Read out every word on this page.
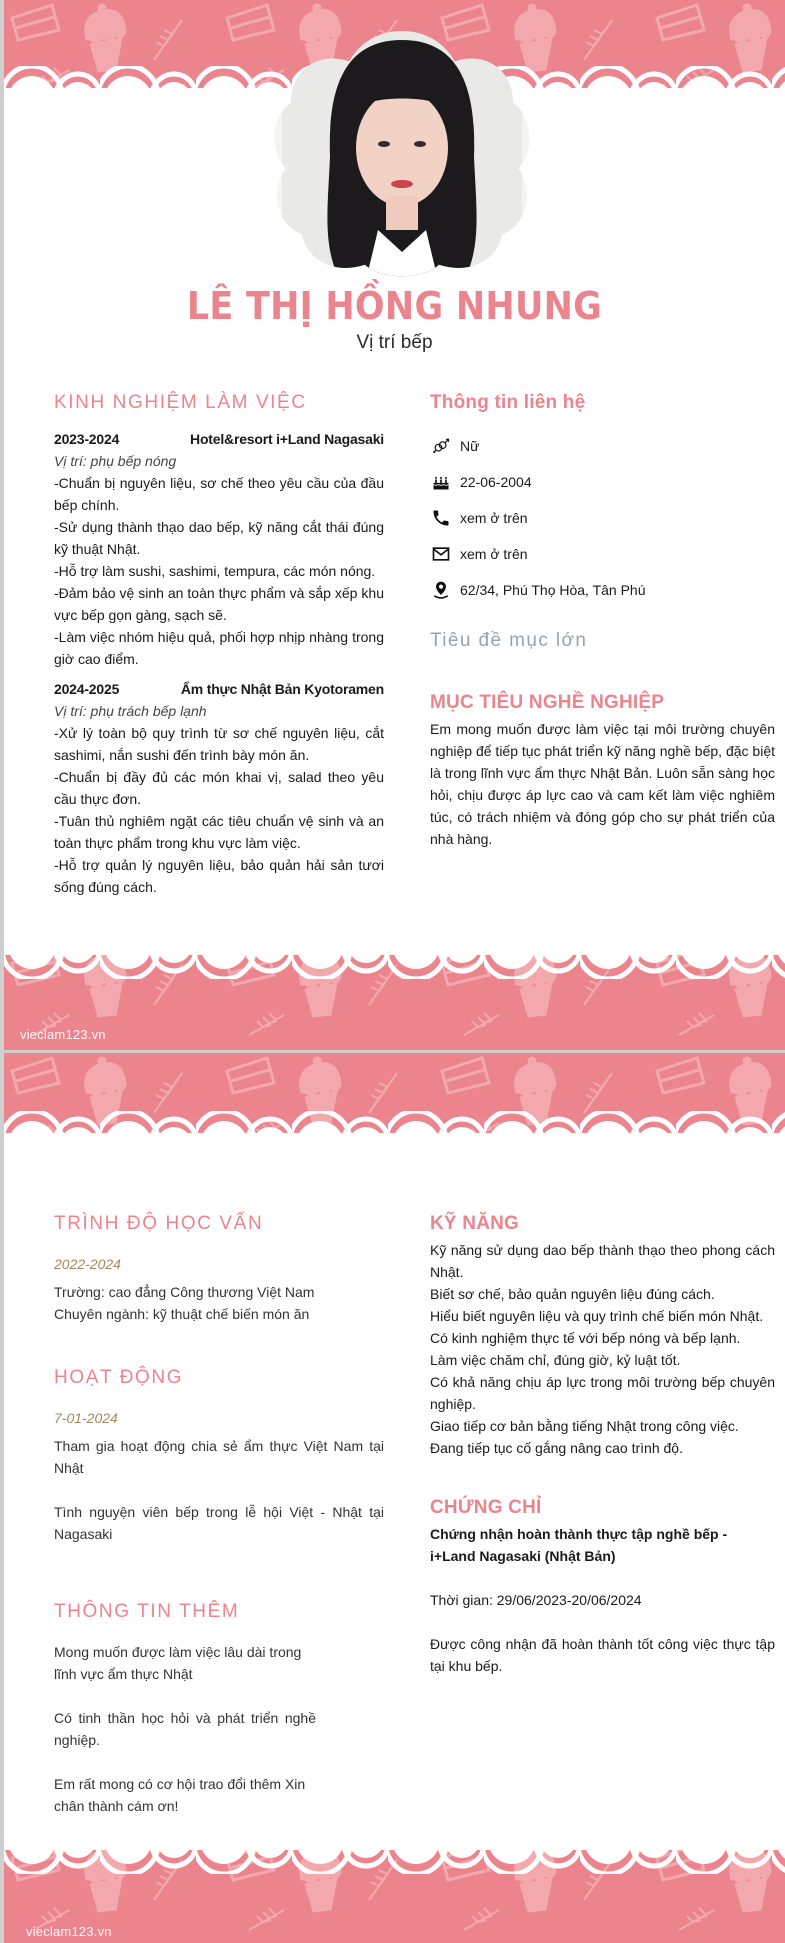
LÊ THỊ HỒNG NHUNG
Vị trí bếp
KINH NGHIỆM LÀM VIỆC
2023-2024	Hotel&resort i+Land Nagasaki
Vị trí: phụ bếp nóng
-Chuẩn bị nguyên liệu, sơ chế theo yêu cầu của đầu bếp chính.
-Sử dụng thành thạo dao bếp, kỹ năng cắt thái đúng kỹ thuật Nhật.
-Hỗ trợ làm sushi, sashimi, tempura, các món nóng.
-Đảm bảo vệ sinh an toàn thực phẩm và sắp xếp khu vực bếp gọn gàng, sạch sẽ.
-Làm việc nhóm hiệu quả, phối hợp nhịp nhàng trong giờ cao điểm.
2024-2025	Ẩm thực Nhật Bản Kyotoramen
Vị trí: phụ trách bếp lạnh
-Xử lý toàn bộ quy trình từ sơ chế nguyên liệu, cắt sashimi, nắn sushi đến trình bày món ăn.
-Chuẩn bị đầy đủ các món khai vị, salad theo yêu cầu thực đơn.
-Tuân thủ nghiêm ngặt các tiêu chuẩn vệ sinh và an toàn thực phẩm trong khu vực làm việc.
-Hỗ trợ quản lý nguyên liệu, bảo quản hải sản tươi sống đúng cách.
Thông tin liên hệ
Nữ
22-06-2004
xem ở trên
xem ở trên
62/34, Phú Thọ Hòa, Tân Phú
Tiêu đề mục lớn
MỤC TIÊU NGHỀ NGHIỆP
Em mong muốn được làm việc tại môi trường chuyên nghiệp để tiếp tục phát triển kỹ năng nghề bếp, đặc biệt là trong lĩnh vực ẩm thực Nhật Bản. Luôn sẵn sàng học hỏi, chịu được áp lực cao và cam kết làm việc nghiêm túc, có trách nhiệm và đóng góp cho sự phát triển của nhà hàng.
vieclam123.vn
TRÌNH ĐỘ HỌC VẤN
2022-2024
Trường: cao đẳng Công thương Việt Nam
Chuyên ngành: kỹ thuật chế biến món ăn
HOẠT ĐỘNG
7-01-2024
Tham gia hoạt động chia sẻ ẩm thực Việt Nam tại Nhật
Tình nguyện viên bếp trong lễ hội Việt - Nhật tại Nagasaki
THÔNG TIN THÊM
Mong muốn được làm việc lâu dài trong lĩnh vực ẩm thực Nhật
Có tinh thần học hỏi và phát triển nghề nghiệp.
Em rất mong có cơ hội trao đổi thêm Xin chân thành cám ơn!
KỸ NĂNG
Kỹ năng sử dụng dao bếp thành thạo theo phong cách Nhật.
Biết sơ chế, bảo quản nguyên liệu đúng cách.
Hiểu biết nguyên liệu và quy trình chế biến món Nhật.
Có kinh nghiệm thực tế với bếp nóng và bếp lạnh.
Làm việc chăm chỉ, đúng giờ, kỷ luật tốt.
Có khả năng chịu áp lực trong môi trường bếp chuyên nghiệp.
Giao tiếp cơ bản bằng tiếng Nhật trong công việc.
Đang tiếp tục cố gắng nâng cao trình độ.
CHỨNG CHỈ
Chứng nhận hoàn thành thực tập nghề bếp - i+Land Nagasaki (Nhật Bản)
Thời gian: 29/06/2023-20/06/2024
Được công nhận đã hoàn thành tốt công việc thực tập tại khu bếp.
vieclam123.vn
